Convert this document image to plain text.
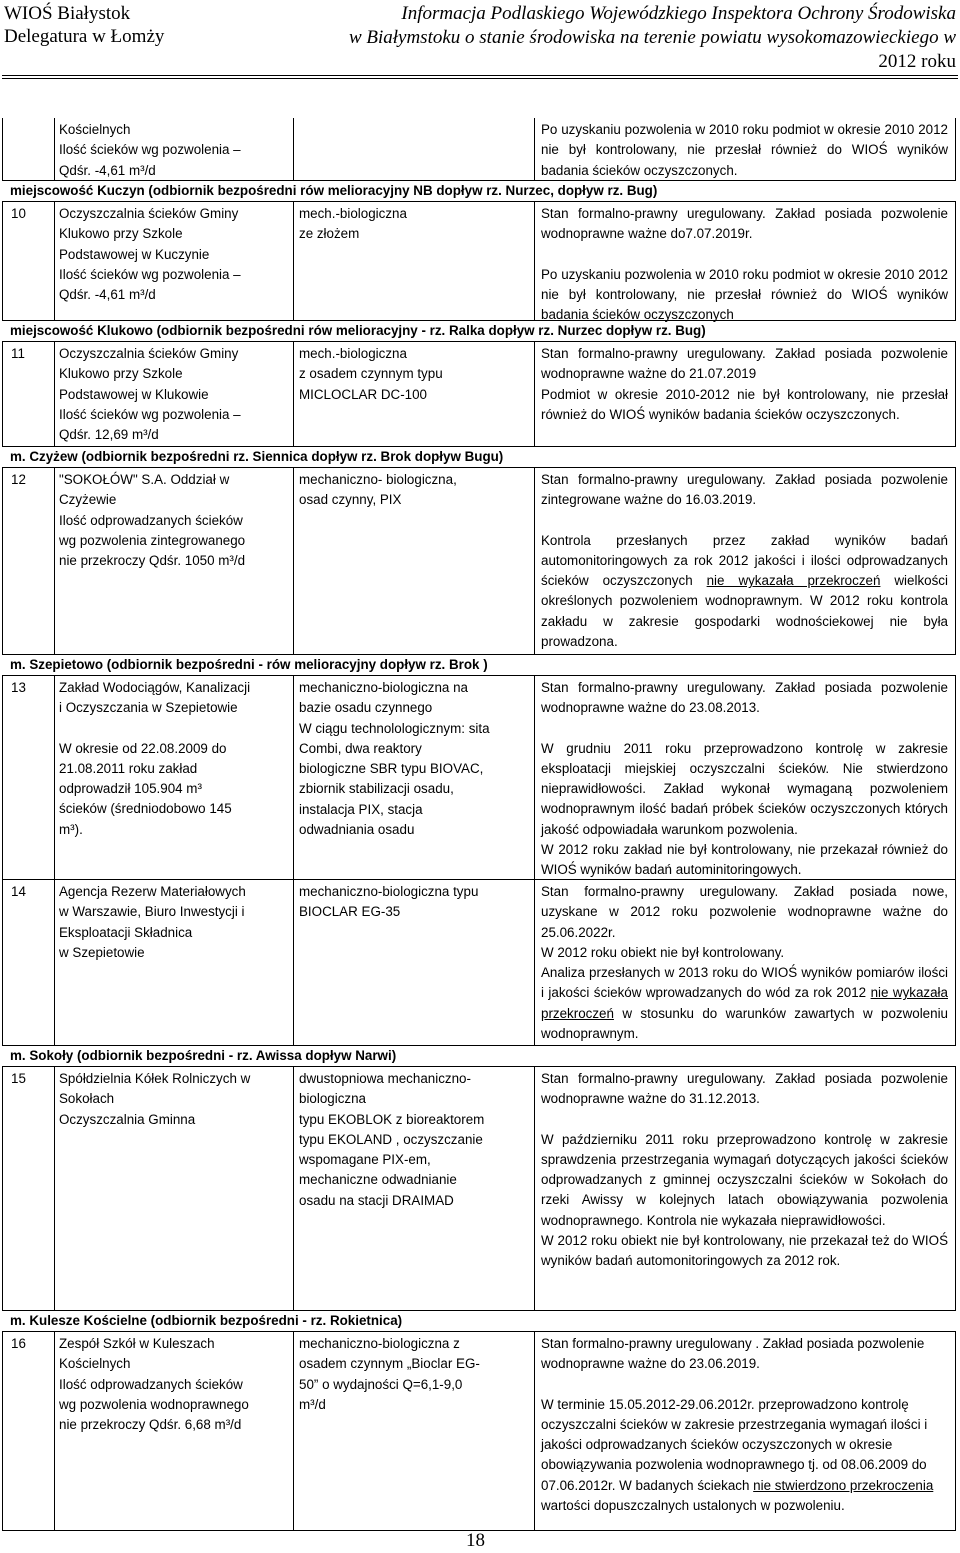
WIOŚ Białystok
Delegatura w Łomży
Informacja Podlaskiego Wojewódzkiego Inspektora Ochrony Środowiska
w Białymstoku o stanie środowiska na terenie powiatu wysokomazowieckiego w
2012 roku

Kościelnych

Ilość ścieków wg pozwolenia –

Qdśr. -4,61 m³/d

Po uzyskaniu pozwolenia w 2010 roku podmiot w okresie 2010 2012 nie był kontrolowany, nie przesłał również do WIOŚ wyników badania ścieków oczyszczonych.

miejscowość Kuczyn (odbiornik bezpośredni rów melioracyjny NB dopływ rz. Nurzec, dopływ rz. Bug)
10 Oczyszczalnia ścieków Gminy

Klukowo przy Szkole

Podstawowej w Kuczynie

Ilość ścieków wg pozwolenia –

Qdśr. -4,61 m³/d

mech.-biologiczna

ze złożem

Stan formalno-prawny uregulowany. Zakład posiada pozwolenie wodnoprawne ważne do7.07.2019r.

Po uzyskaniu pozwolenia w 2010 roku podmiot w okresie 2010 2012 nie był kontrolowany, nie przesłał również do WIOŚ wyników badania ścieków oczyszczonych

miejscowość Klukowo (odbiornik bezpośredni rów melioracyjny - rz. Ralka dopływ rz. Nurzec dopływ rz. Bug)
11	Oczyszczalnia ścieków Gminy

Klukowo przy Szkole

Podstawowej w Klukowie

Ilość ścieków wg pozwolenia –

Qdśr. 12,69 m³/d

mech.-biologiczna

z osadem czynnym typu

MICLOCLAR DC-100

Stan formalno-prawny uregulowany. Zakład posiada pozwolenie wodnoprawne ważne do 21.07.2019

Podmiot w okresie 2010-2012 nie był kontrolowany, nie przesłał również do WIOŚ wyników badania ścieków oczyszczonych.

m. Czyżew (odbiornik bezpośredni rz. Siennica dopływ rz. Brok dopływ Bugu)
12 "SOKOŁÓW" S.A. Oddział w

Czyżewie

Ilość odprowadzanych ścieków

wg pozwolenia zintegrowanego

nie przekroczy Qdśr. 1050 m³/d

mechaniczno- biologiczna,

osad czynny, PIX

Stan formalno-prawny uregulowany. Zakład posiada pozwolenie zintegrowane ważne do 16.03.2019.

Kontrola przesłanych przez zakład wyników badań automonitoringowych za rok 2012 jakości i ilości odprowadzanych ścieków oczyszczonych nie wykazała przekroczeń wielkości określonych pozwoleniem wodnoprawnym. W 2012 roku kontrola zakładu w zakresie gospodarki wodnościekowej nie była prowadzona.

m. Szepietowo (odbiornik bezpośredni - rów melioracyjny dopływ rz. Brok )
13 Zakład Wodociągów, Kanalizacji

i Oczyszczania w Szepietowie

W okresie od 22.08.2009 do

21.08.2011 roku zakład

odprowadził 105.904 m³

ścieków (średniodobowo 145

m³).

mechaniczno-biologiczna na

bazie osadu czynnego

W ciągu technolologicznym: sita

Combi, dwa reaktory

biologiczne SBR typu BIOVAC,

zbiornik stabilizacji osadu,

instalacja PIX, stacja

odwadniania osadu

Stan formalno-prawny uregulowany. Zakład posiada pozwolenie wodnoprawne ważne do 23.08.2013.

W grudniu 2011 roku przeprowadzono kontrolę w zakresie eksploatacji miejskiej oczyszczalni ścieków. Nie stwierdzono nieprawidłowości. Zakład wykonał wymaganą pozwoleniem wodnoprawnym ilość badań próbek ścieków oczyszczonych których jakość odpowiadała warunkom pozwolenia.

W 2012 roku zakład nie był kontrolowany, nie przekazał również do WIOŚ wyników badań autominitoringowych.

14 Agencja Rezerw Materiałowych

w Warszawie, Biuro Inwestycji i

Eksploatacji Składnica

w Szepietowie

mechaniczno-biologiczna typu

BIOCLAR EG-35

Stan formalno-prawny uregulowany. Zakład posiada nowe, uzyskane w 2012 roku pozwolenie wodnoprawne ważne do 25.06.2022r.

W 2012 roku obiekt nie był kontrolowany.

Analiza przesłanych w 2013 roku do WIOŚ wyników pomiarów ilości i jakości ścieków wprowadzanych do wód za rok 2012 nie wykazała przekroczeń w stosunku do warunków zawartych w pozwoleniu wodnoprawnym.

m. Sokoły (odbiornik bezpośredni - rz. Awissa dopływ Narwi)
15 Spółdzielnia Kółek Rolniczych w

Sokołach

Oczyszczalnia Gminna

dwustopniowa mechaniczno-

biologiczna

typu EKOBLOK z bioreaktorem

typu EKOLAND , oczyszczanie

wspomagane PIX-em,

mechaniczne odwadnianie

osadu na stacji DRAIMAD

Stan formalno-prawny uregulowany. Zakład posiada pozwolenie wodnoprawne ważne do 31.12.2013.

W październiku 2011 roku przeprowadzono kontrolę w zakresie sprawdzenia przestrzegania wymagań dotyczących jakości ścieków odprowadzanych z gminnej oczyszczalni ścieków w Sokołach do rzeki Awissy w kolejnych latach obowiązywania pozwolenia wodnoprawnego. Kontrola nie wykazała nieprawidłowości.

W 2012 roku obiekt nie był kontrolowany, nie przekazał też do WIOŚ wyników badań automonitoringowych za 2012 rok.

m. Kulesze Kościelne (odbiornik bezpośredni - rz. Rokietnica)
16 Zespół Szkół w Kuleszach

Kościelnych

Ilość odprowadzanych ścieków

wg pozwolenia wodnoprawnego

nie przekroczy Qdśr. 6,68 m³/d

mechaniczno-biologiczna z

osadem czynnym „Bioclar EG-

50” o wydajności Q=6,1-9,0

m³/d

Stan formalno-prawny uregulowany . Zakład posiada pozwolenie wodnoprawne ważne do 23.06.2019.

W terminie 15.05.2012-29.06.2012r. przeprowadzono kontrolę oczyszczalni ścieków w zakresie przestrzegania wymagań ilości i jakości odprowadzanych ścieków oczyszczonych w okresie obowiązywania pozwolenia wodnoprawnego tj. od 08.06.2009 do 07.06.2012r. W badanych ściekach nie stwierdzono przekroczenia wartości dopuszczalnych ustalonych w pozwoleniu.

18
